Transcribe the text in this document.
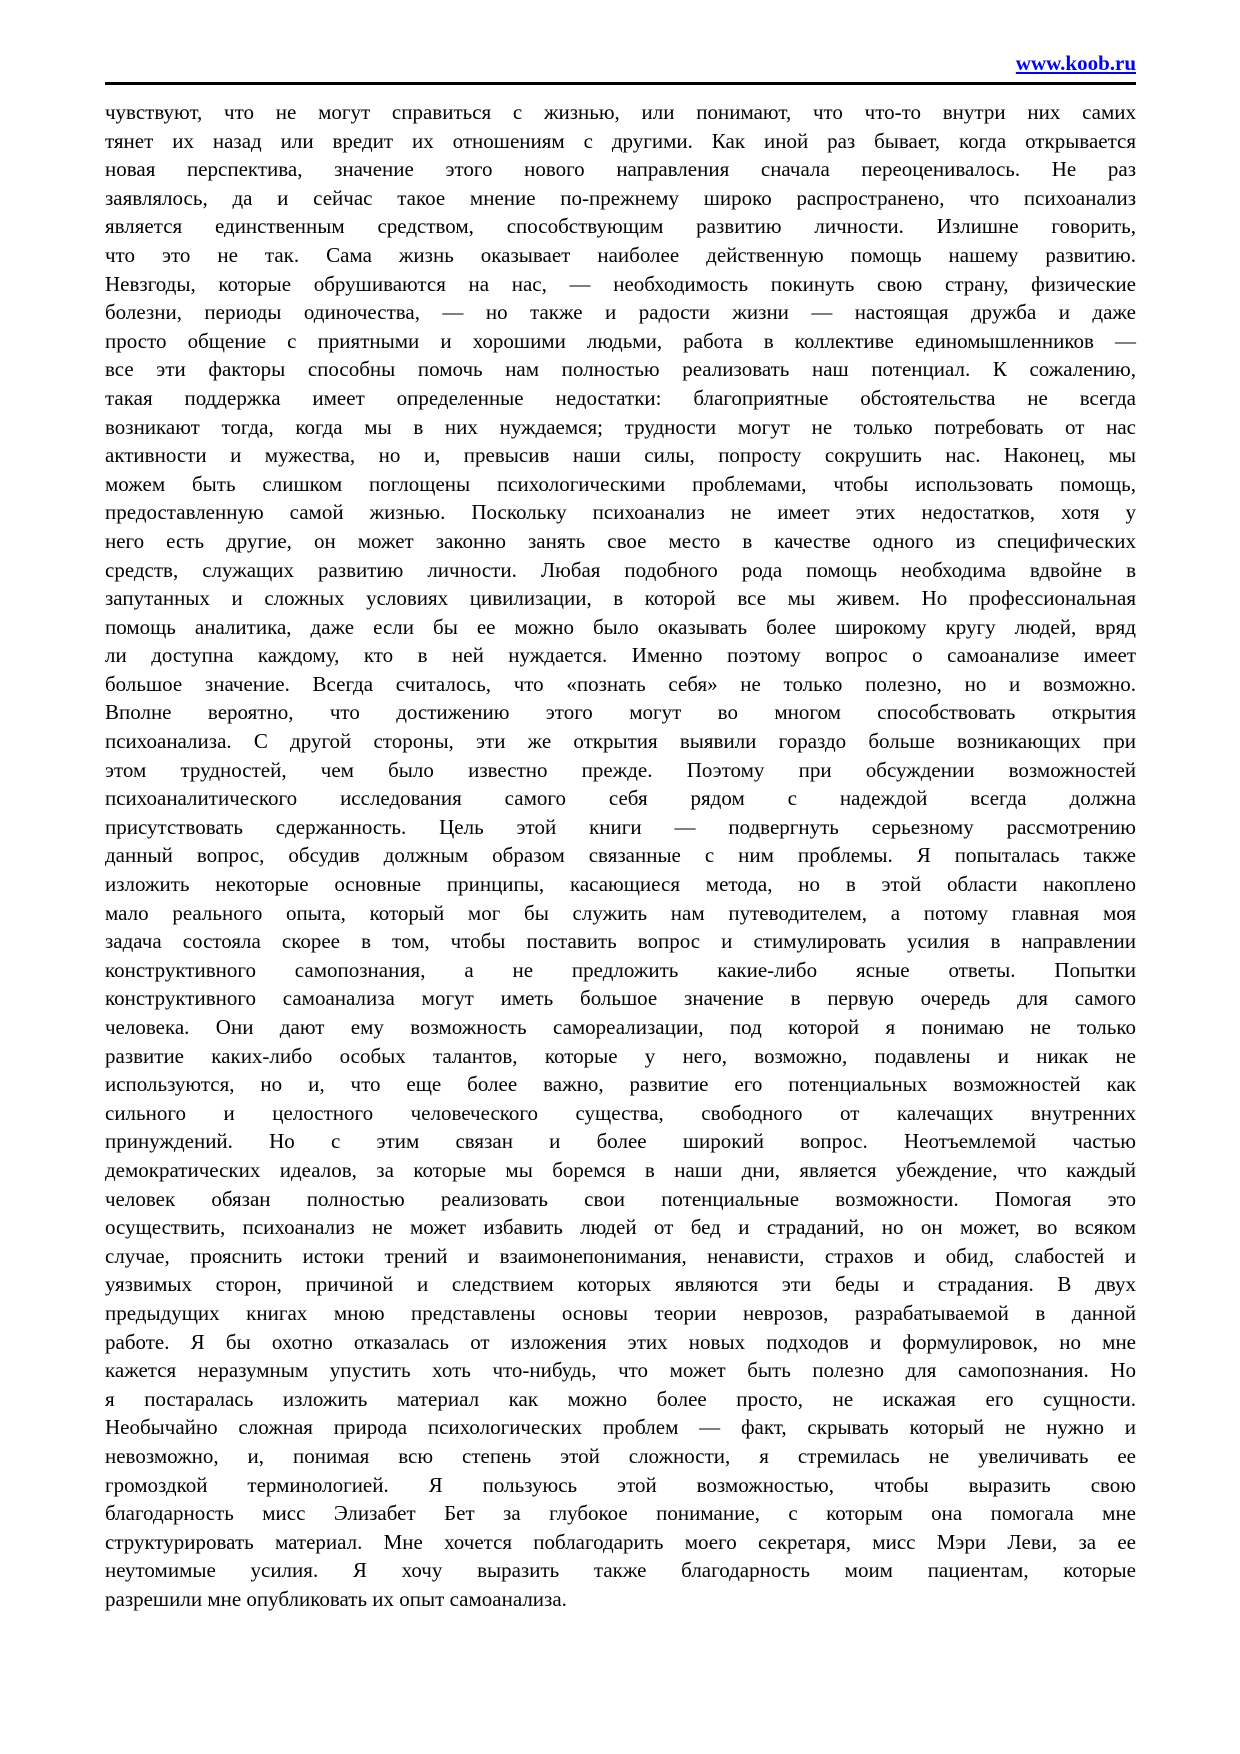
www.koob.ru
чувствуют, что не могут справиться с жизнью, или понимают, что что-то внутри них самих
тянет их назад или вредит их отношениям с другими. Как иной раз бывает, когда открывается
новая перспектива, значение этого нового направления сначала переоценивалось. Не раз
заявлялось, да и сейчас такое мнение по-прежнему широко распространено, что психоанализ
является единственным средством, способствующим развитию личности. Излишне говорить,
что это не так. Сама жизнь оказывает наиболее действенную помощь нашему развитию.
Невзгоды, которые обрушиваются на нас, — необходимость покинуть свою страну, физические
болезни, периоды одиночества, — но также и радости жизни — настоящая дружба и даже
просто общение с приятными и хорошими людьми, работа в коллективе единомышленников —
все эти факторы способны помочь нам полностью реализовать наш потенциал. К сожалению,
такая поддержка имеет определенные недостатки: благоприятные обстоятельства не всегда
возникают тогда, когда мы в них нуждаемся; трудности могут не только потребовать от нас
активности и мужества, но и, превысив наши силы, попросту сокрушить нас. Наконец, мы
можем быть слишком поглощены психологическими проблемами, чтобы использовать помощь,
предоставленную самой жизнью. Поскольку психоанализ не имеет этих недостатков, хотя у
него есть другие, он может законно занять свое место в качестве одного из специфических
средств, служащих развитию личности. Любая подобного рода помощь необходима вдвойне в
запутанных и сложных условиях цивилизации, в которой все мы живем. Но профессиональная
помощь аналитика, даже если бы ее можно было оказывать более широкому кругу людей, вряд
ли доступна каждому, кто в ней нуждается. Именно поэтому вопрос о самоанализе имеет
большое значение. Всегда считалось, что «познать себя» не только полезно, но и возможно.
Вполне вероятно, что достижению этого могут во многом способствовать открытия
психоанализа. С другой стороны, эти же открытия выявили гораздо больше возникающих при
этом трудностей, чем было известно прежде. Поэтому при обсуждении возможностей
психоаналитического исследования самого себя рядом с надеждой всегда должна
присутствовать сдержанность. Цель этой книги — подвергнуть серьезному рассмотрению
данный вопрос, обсудив должным образом связанные с ним проблемы. Я попыталась также
изложить некоторые основные принципы, касающиеся метода, но в этой области накоплено
мало реального опыта, который мог бы служить нам путеводителем, а потому главная моя
задача состояла скорее в том, чтобы поставить вопрос и стимулировать усилия в направлении
конструктивного самопознания, а не предложить какие-либо ясные ответы. Попытки
конструктивного самоанализа могут иметь большое значение в первую очередь для самого
человека. Они дают ему возможность самореализации, под которой я понимаю не только
развитие каких-либо особых талантов, которые у него, возможно, подавлены и никак не
используются, но и, что еще более важно, развитие его потенциальных возможностей как
сильного и целостного человеческого существа, свободного от калечащих внутренних
принуждений. Но с этим связан и более широкий вопрос. Неотъемлемой частью
демократических идеалов, за которые мы боремся в наши дни, является убеждение, что каждый
человек обязан полностью реализовать свои потенциальные возможности. Помогая это
осуществить, психоанализ не может избавить людей от бед и страданий, но он может, во всяком
случае, прояснить истоки трений и взаимонепонимания, ненависти, страхов и обид, слабостей и
уязвимых сторон, причиной и следствием которых являются эти беды и страдания. В двух
предыдущих книгах мною представлены основы теории неврозов, разрабатываемой в данной
работе. Я бы охотно отказалась от изложения этих новых подходов и формулировок, но мне
кажется неразумным упустить хоть что-нибудь, что может быть полезно для самопознания. Но
я постаралась изложить материал как можно более просто, не искажая его сущности.
Необычайно сложная природа психологических проблем — факт, скрывать который не нужно и
невозможно, и, понимая всю степень этой сложности, я стремилась не увеличивать ее
громоздкой терминологией. Я пользуюсь этой возможностью, чтобы выразить свою
благодарность мисс Элизабет Бет за глубокое понимание, с которым она помогала мне
структурировать материал. Мне хочется поблагодарить моего секретаря, мисс Мэри Леви, за ее
неутомимые усилия. Я хочу выразить также благодарность моим пациентам, которые
разрешили мне опубликовать их опыт самоанализа.
